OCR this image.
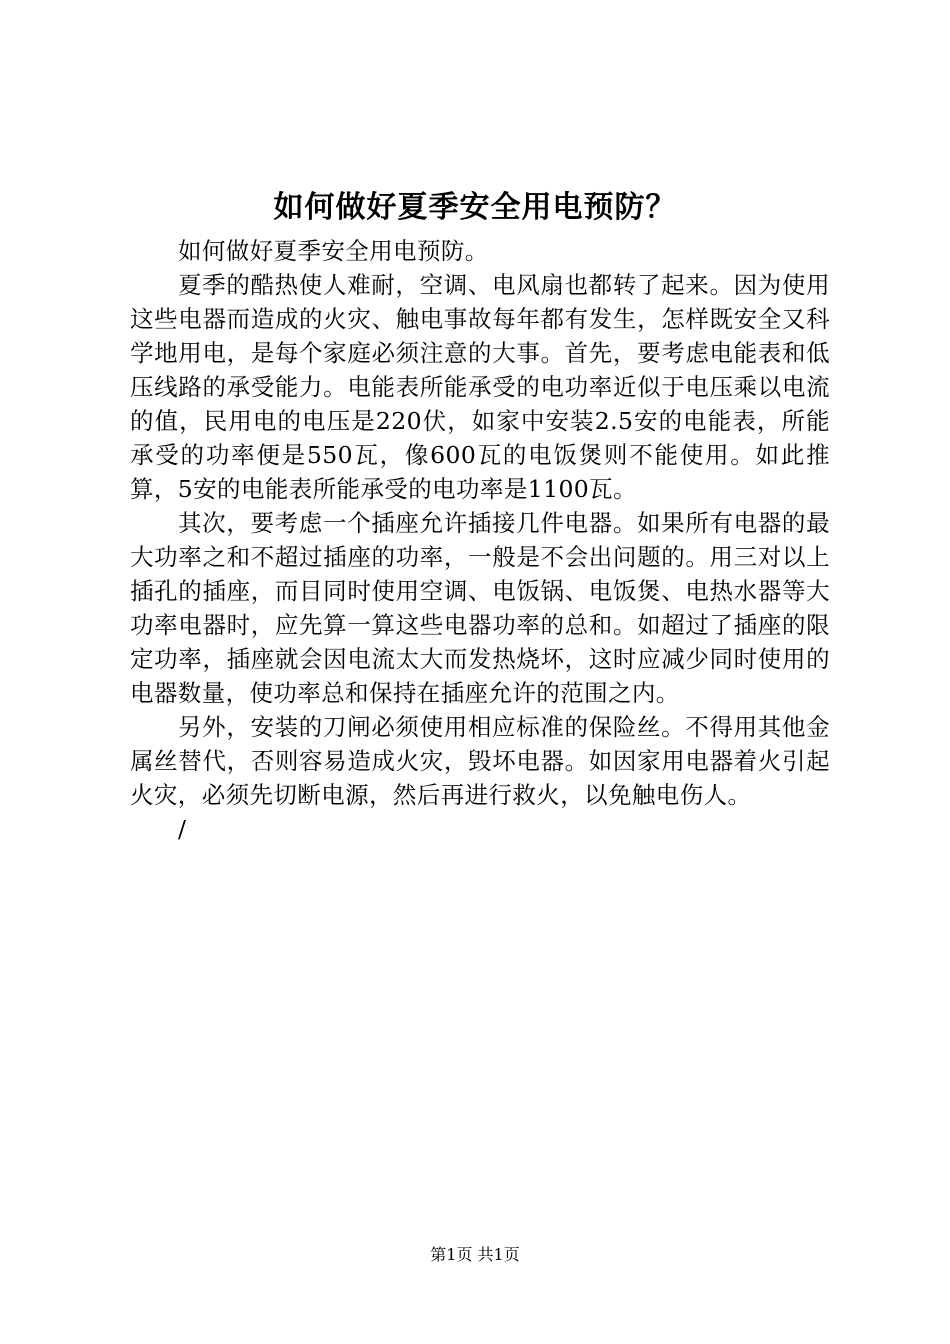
如何做好夏季安全用电预防？

如何做好夏季安全用电预防。

夏季的酷热使人难耐，空调、电风扇也都转了起来。因为使用这些电器而造成的火灾、触电事故每年都有发生，怎样既安全又科学地用电，是每个家庭必须注意的大事。首先，要考虑电能表和低压线路的承受能力。电能表所能承受的电功率近似于电压乘以电流的值，民用电的电压是220伏，如家中安装2.5安的电能表，所能承受的功率便是550瓦，像600瓦的电饭煲则不能使用。如此推算，5安的电能表所能承受的电功率是1100瓦。

其次，要考虑一个插座允许插接几件电器。如果所有电器的最大功率之和不超过插座的功率，一般是不会出问题的。用三对以上插孔的插座，而目同时使用空调、电饭锅、电饭煲、电热水器等大功率电器时，应先算一算这些电器功率的总和。如超过了插座的限定功率，插座就会因电流太大而发热烧坏，这时应减少同时使用的电器数量，使功率总和保持在插座允许的范围之内。

另外，安装的刀闸必须使用相应标准的保险丝。不得用其他金属丝替代，否则容易造成火灾，毁坏电器。如因家用电器着火引起火灾，必须先切断电源，然后再进行救火，以免触电伤人。

/

第1页 共1页
